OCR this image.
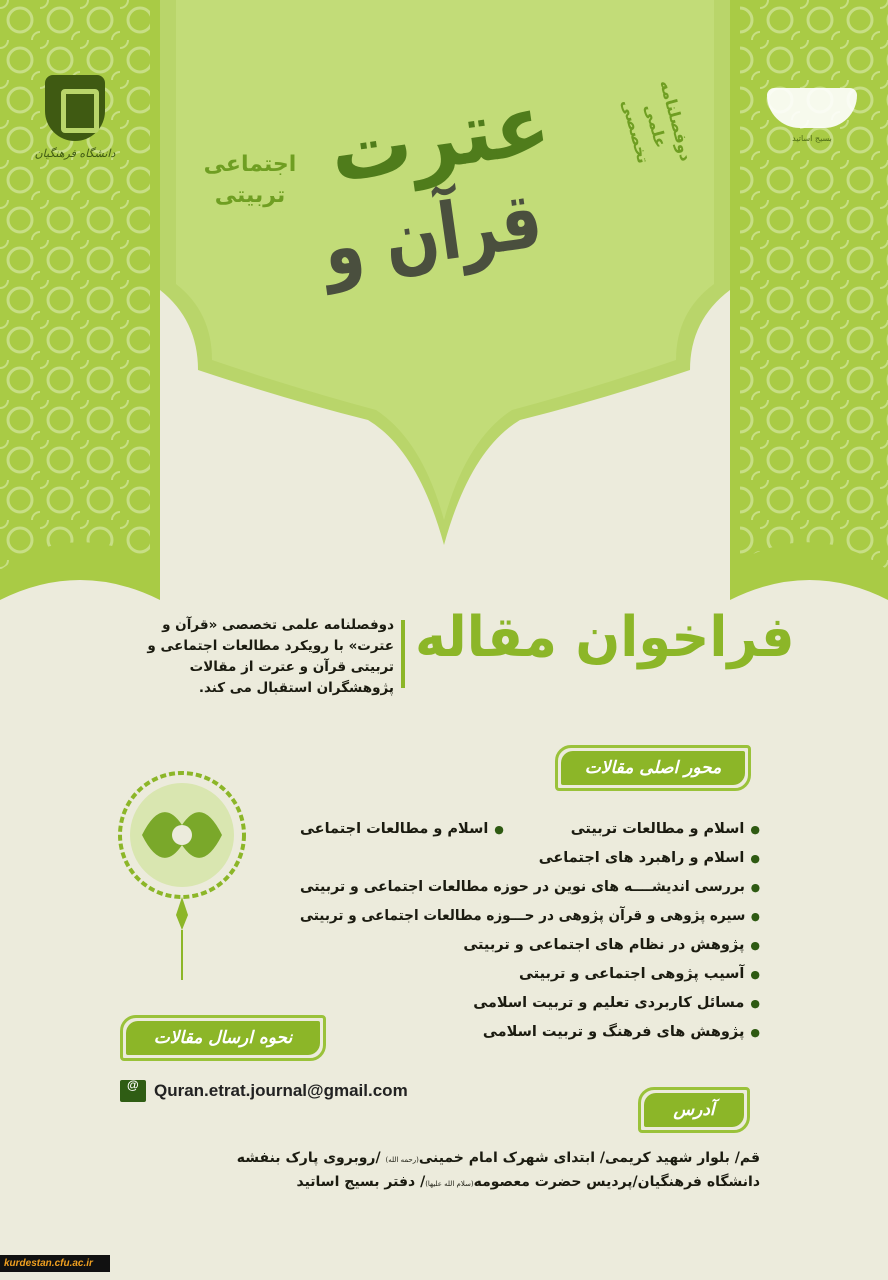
دانشگاه فرهنگیان
بسیج اساتید
عترت
قرآن و
اجتماعی تربیتی
دوفصلنامه علمی تخصصی
فراخوان مقاله
دوفصلنامه علمی تخصصی «قرآن و عترت» با رویکرد مطالعات اجتماعی و تربیتی قرآن و عترت از مقالات پژوهشگران استقبال می کند.
محور اصلی مقالات
●اسلام و مطالعات تربیتی
●اسلام و مطالعات اجتماعی
●اسلام و راهبرد های اجتماعی
●بررسی اندیشــــه های نوین در حوزه مطالعات اجتماعی و تربیتی
●سیره پژوهی و قرآن پژوهی در حـــوزه مطالعات اجتماعی و تربیتی
●پژوهش در نظام های اجتماعی و تربیتی
●آسیب پژوهی اجتماعی و تربیتی
●مسائل کاربردی تعلیم و تربیت اسلامی
●پژوهش های فرهنگ و تربیت اسلامی
نحوه ارسال مقالات
@
Quran.etrat.journal@gmail.com
آدرس
قم/ بلوار شهید کریمی/ ابتدای شهرک امام خمینی(رحمه الله) /روبروی پارک بنفشه
دانشگاه فرهنگیان/پردیس حضرت معصومه(سلام الله علیها)/ دفتر بسیج اساتید
kurdestan.cfu.ac.ir
